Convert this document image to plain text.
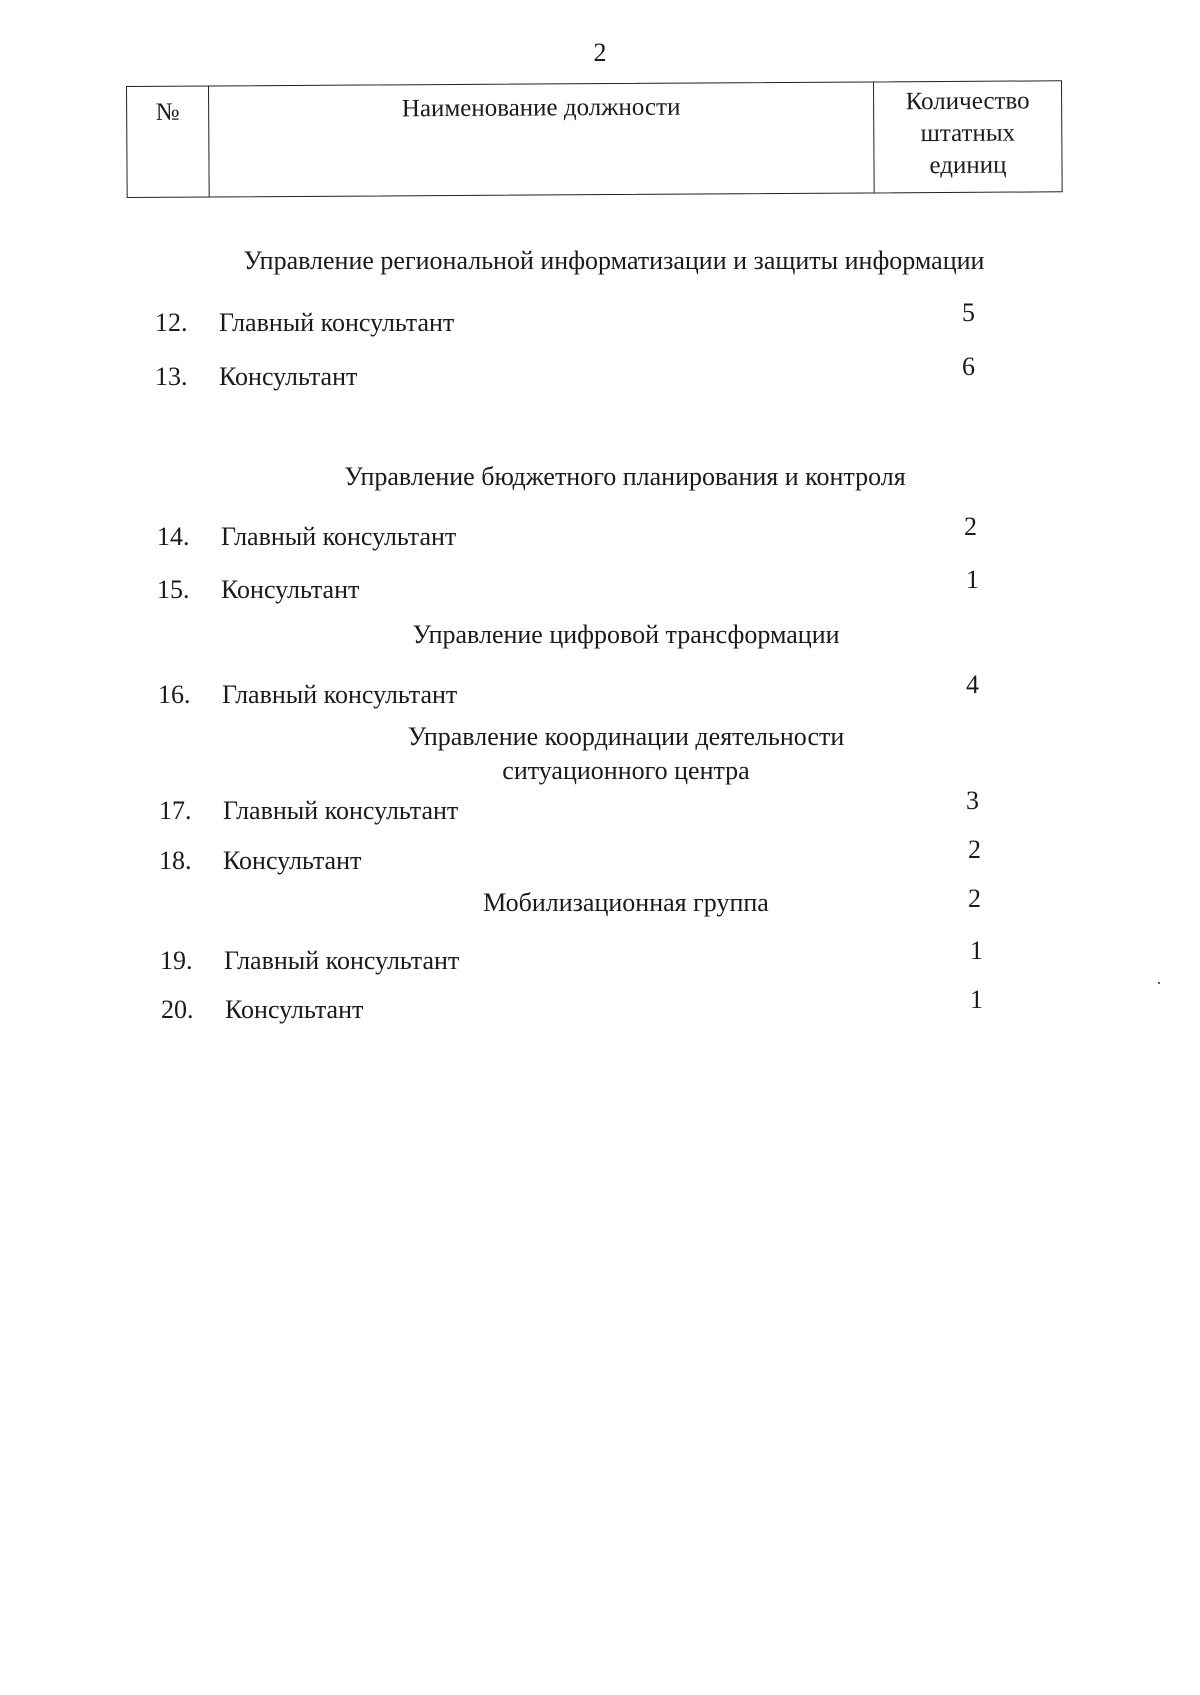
2
№	Наименование должности	Количество
штатных
единиц
Управление региональной информатизации и защиты информации
12. Главный консультант	5
13. Консультант	6
Управление бюджетного планирования и контроля
14. Главный консультант	2
15. Консультант	1
Управление цифровой трансформации
16. Главный консультант	4
Управление координации деятельности
ситуационного центра
17. Главный консультант	3
18. Консультант	2
Мобилизационная группа	2
19. Главный консультант	1
20. Консультант	1
